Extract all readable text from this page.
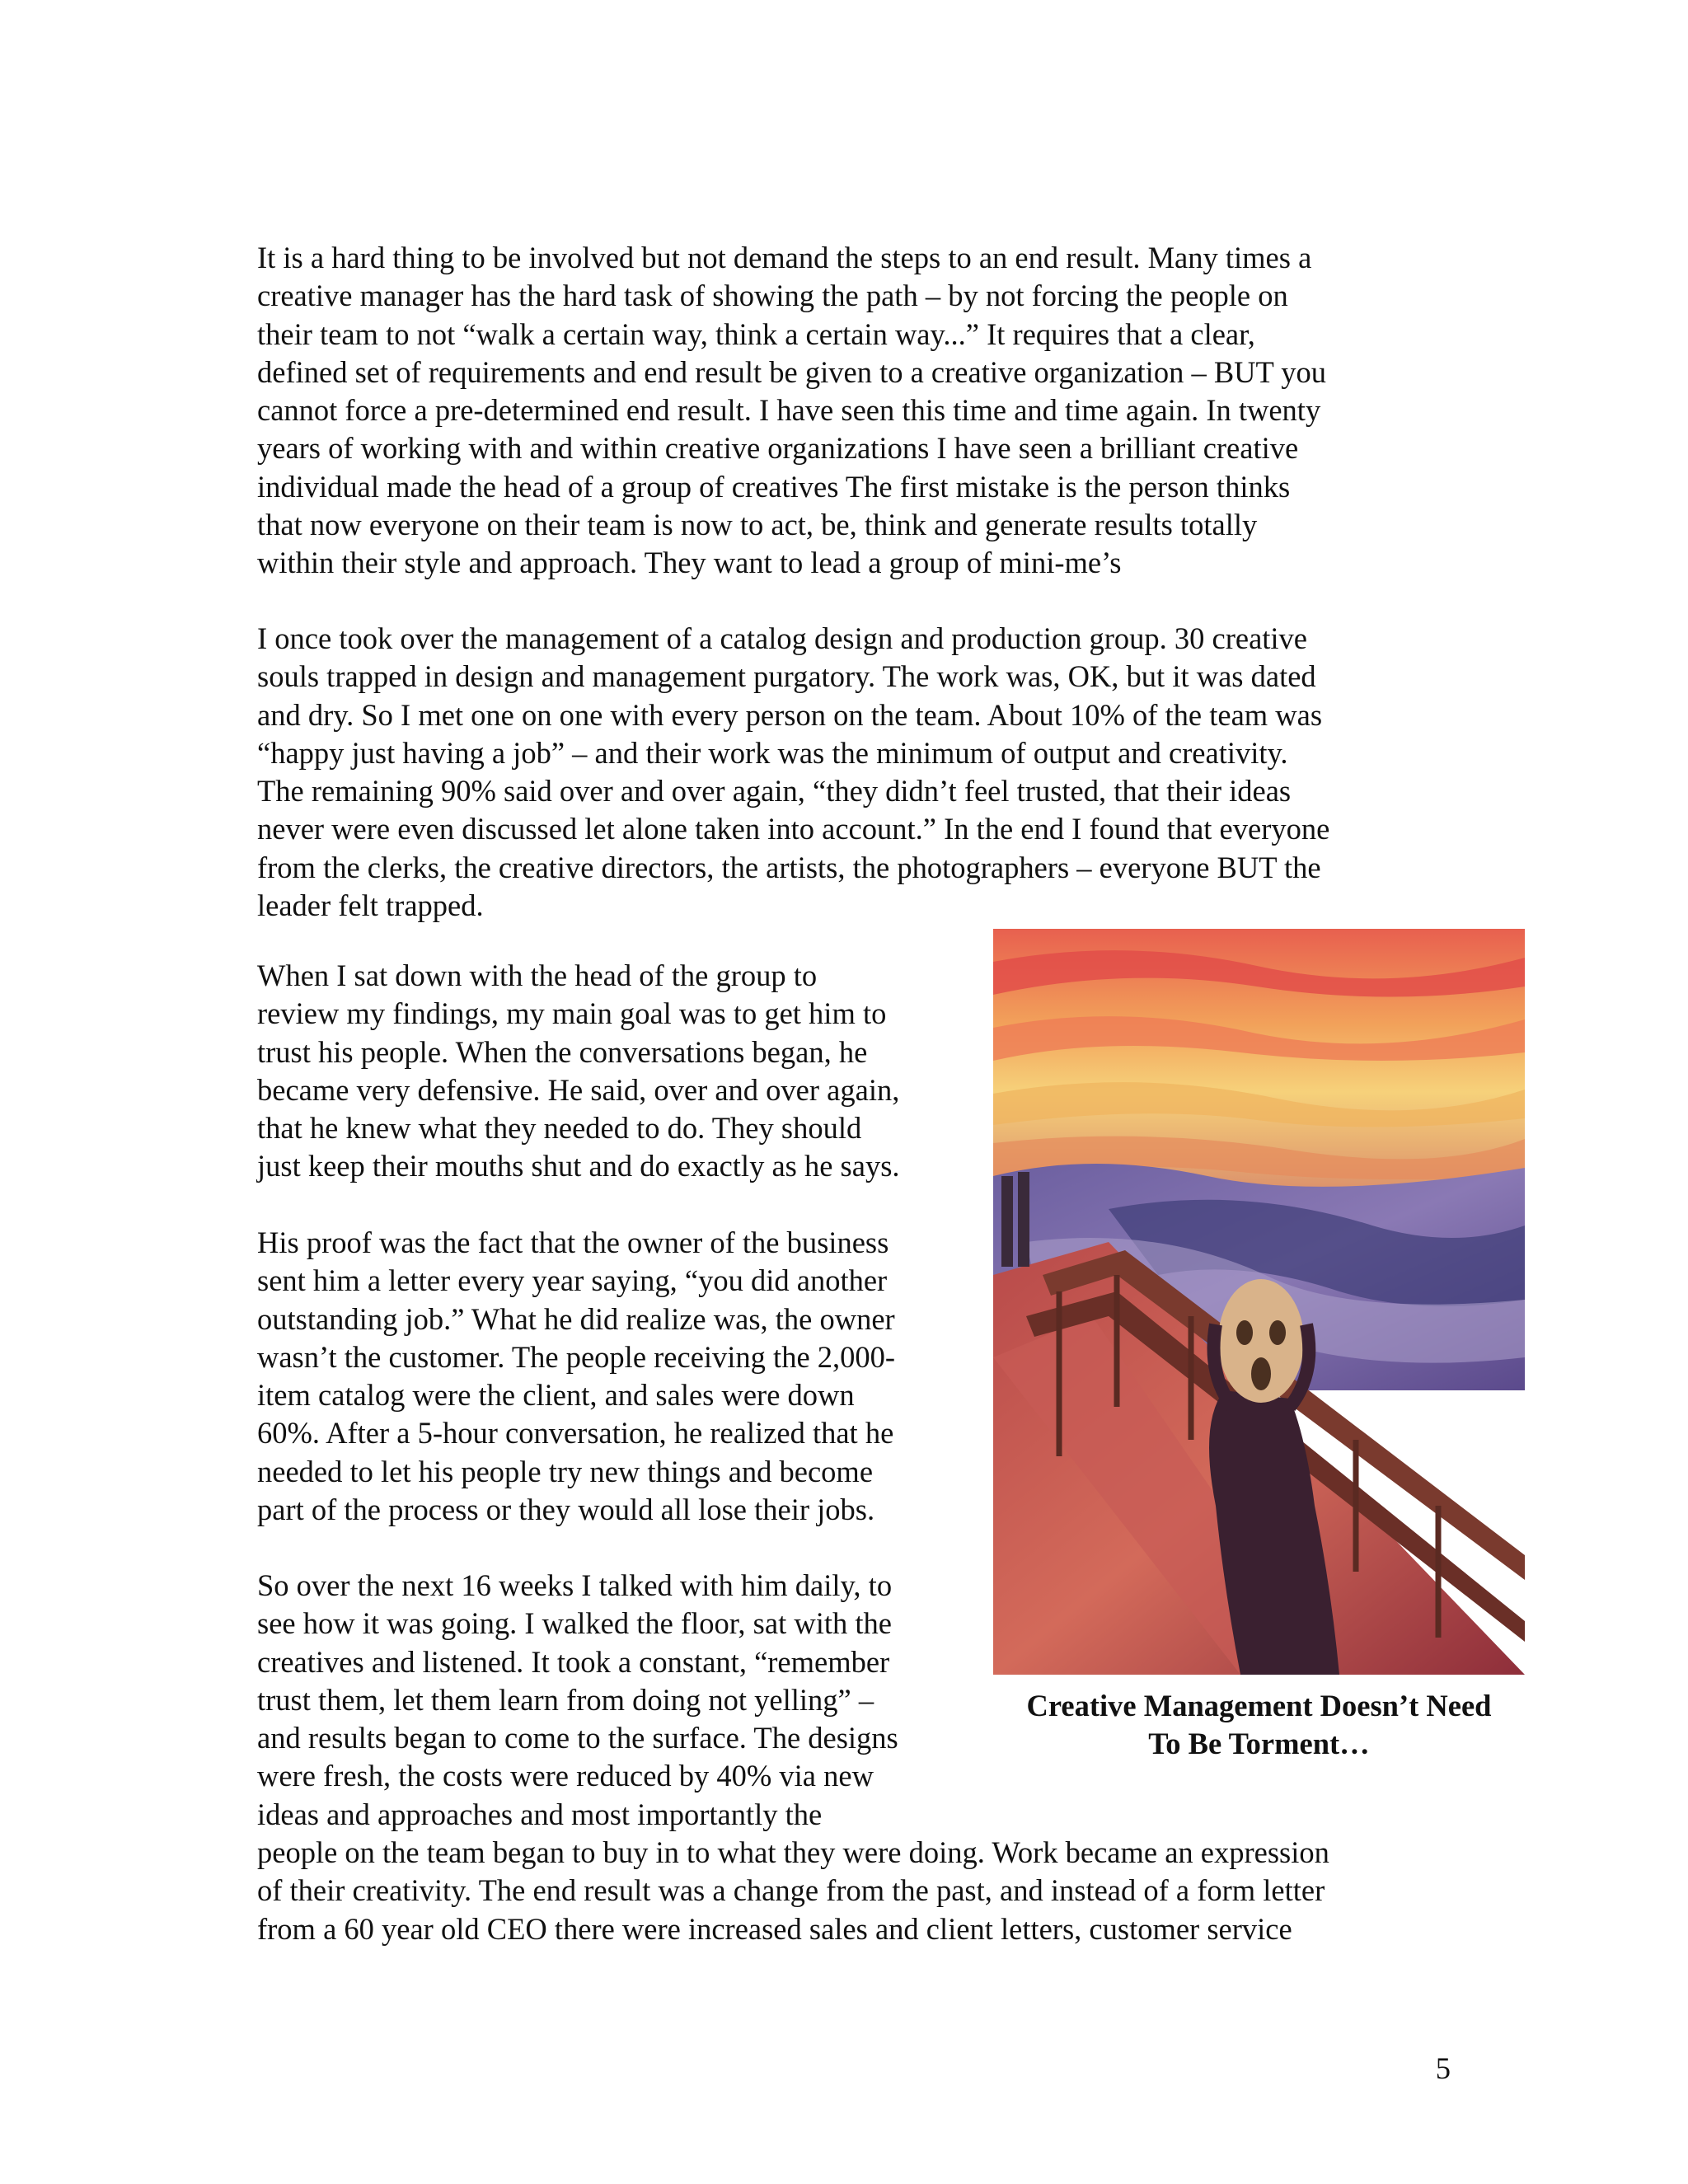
It is a hard thing to be involved but not demand the steps to an end result. Many times a
creative manager has the hard task of showing the path – by not forcing the people on
their team to not “walk a certain way, think a certain way...” It requires that a clear,
defined set of requirements and end result be given to a creative organization – BUT you
cannot force a pre-determined end result. I have seen this time and time again. In twenty
years of working with and within creative organizations I have seen a brilliant creative
individual made the head of a group of creatives The first mistake is the person thinks
that now everyone on their team is now to act, be, think and generate results totally
within their style and approach. They want to lead a group of mini-me’s

I once took over the management of a catalog design and production group. 30 creative
souls trapped in design and management purgatory. The work was, OK, but it was dated
and dry. So I met one on one with every person on the team. About 10% of the team was
“happy just having a job” – and their work was the minimum of output and creativity.
The remaining 90% said over and over again, “they didn’t feel trusted, that their ideas
never were even discussed let alone taken into account.” In the end I found that everyone
from the clerks, the creative directors, the artists, the photographers – everyone BUT the
leader felt trapped.

When I sat down with the head of the group to
review my findings, my main goal was to get him to
trust his people. When the conversations began, he
became very defensive. He said, over and over again,
that he knew what they needed to do. They should
just keep their mouths shut and do exactly as he says.

His proof was the fact that the owner of the business
sent him a letter every year saying, “you did another
outstanding job.” What he did realize was, the owner
wasn’t the customer. The people receiving the 2,000-
item catalog were the client, and sales were down
60%. After a 5-hour conversation, he realized that he
needed to let his people try new things and become
part of the process or they would all lose their jobs.

So over the next 16 weeks I talked with him daily, to
see how it was going. I walked the floor, sat with the
creatives and listened. It took a constant, “remember
trust them, let them learn from doing not yelling” –
and results began to come to the surface. The designs
were fresh, the costs were reduced by 40% via new
ideas and approaches and most importantly the
people on the team began to buy in to what they were doing. Work became an expression
of their creativity. The end result was a change from the past, and instead of a form letter
from a 60 year old CEO there were increased sales and client letters, customer service

Creative Management Doesn’t Need
To Be Torment…

5
